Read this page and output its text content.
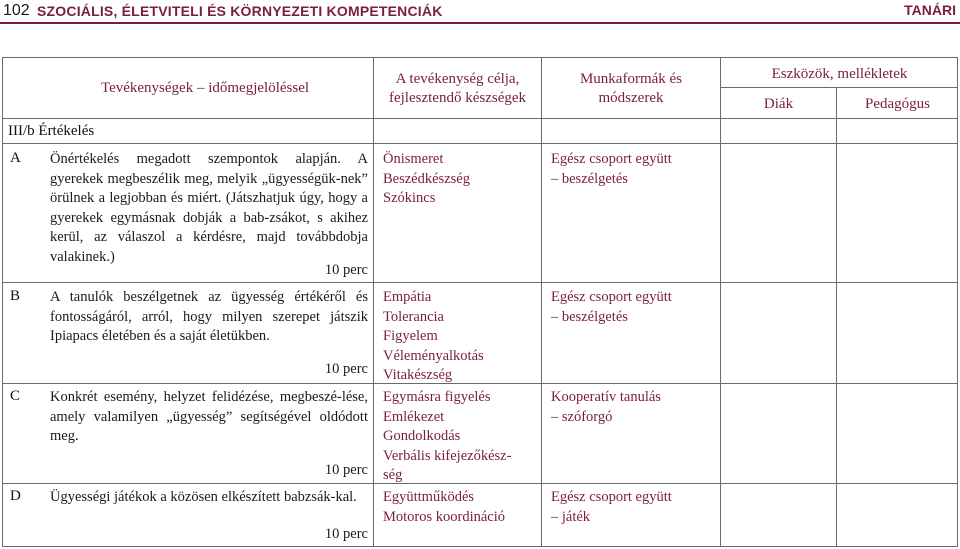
102 SZOCIÁLIS, ÉLETVITELI ÉS KÖRNYEZETI KOMPETENCIÁK	TANÁRI
Tevékenységek – időmegjelöléssel
A tevékenység célja,
fejlesztendő készségek
Munkaformák és
módszerek
Eszközök, mellékletek
Diák	Pedagógus
III/b Értékelés
A Önértékelés megadott szempontok alapján. A gyerekek megbeszélik meg, melyik „ügyességük-nek” örülnek a legjobban és miért. (Játszhatjuk úgy, hogy a gyerekek egymásnak dobják a bab-zsákot, s akihez kerül, az válaszol a kérdésre, majd továbbdobja valakinek.)
10 perc
Önismeret
Beszédkészség
Szókincs
Egész csoport együtt
– beszélgetés
B A tanulók beszélgetnek az ügyesség értékéről és fontosságáról, arról, hogy milyen szerepet játszik Ipiapacs életében és a saját életükben.
10 perc
Empátia
Tolerancia
Figyelem
Véleményalkotás
Vitakészség
Egész csoport együtt
– beszélgetés
C Konkrét esemény, helyzet felidézése, megbeszé-lése, amely valamilyen „ügyesség” segítségével oldódott meg.
10 perc
Egymásra figyelés
Emlékezet
Gondolkodás
Verbális kifejezőkész-
ség
Kooperatív tanulás
– szóforgó
D Ügyességi játékok a közösen elkészített babzsák-kal.
10 perc
Együttműködés
Motoros koordináció
Egész csoport együtt
– játék
